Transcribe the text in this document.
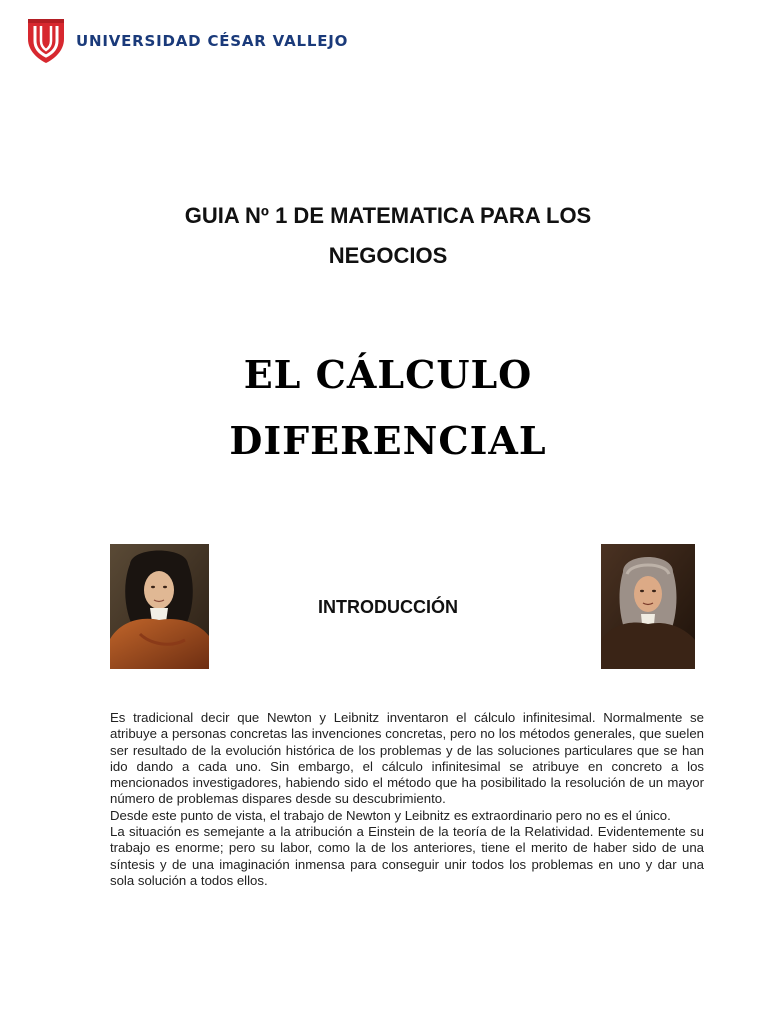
UNIVERSIDAD CÉSAR VALLEJO
GUIA Nº 1 DE MATEMATICA PARA LOS
NEGOCIOS
EL CÁLCULO
DIFERENCIAL
INTRODUCCIÓN

Es tradicional decir que Newton y Leibnitz inventaron el cálculo infinitesimal. Normalmente se atribuye a personas concretas las invenciones concretas, pero no los métodos generales, que suelen ser resultado de la evolución histórica de los problemas y de las soluciones particulares que se han ido dando a cada uno. Sin embargo, el cálculo infinitesimal se atribuye en concreto a los mencionados investigadores, habiendo sido el método que ha posibilitado la resolución de un mayor número de problemas dispares desde su descubrimiento.

Desde este punto de vista, el trabajo de Newton y Leibnitz es extraordinario pero no es el único.

La situación es semejante a la atribución a Einstein de la teoría de la Relatividad. Evidentemente su trabajo es enorme; pero su labor, como la de los anteriores, tiene el merito de haber sido de una síntesis y de una imaginación inmensa para conseguir unir todos los problemas en uno y dar una sola solución a todos ellos.
